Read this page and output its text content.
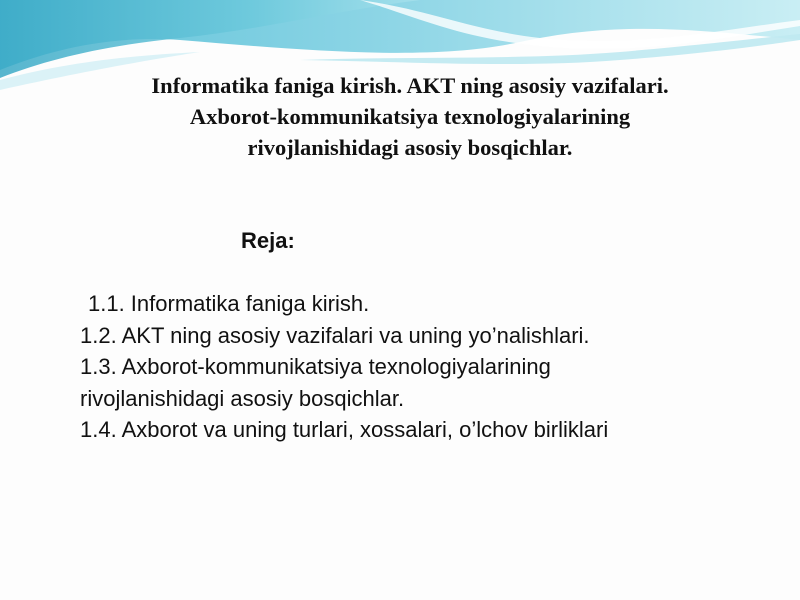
Informatika faniga kirish. AKT ning asosiy vazifalari.
Axborot-kommunikatsiya texnologiyalarining
rivojlanishidagi asosiy bosqichlar.
Reja:
1.1. Informatika faniga kirish.
1.2. AKT ning asosiy vazifalari va uning yo’nalishlari.
1.3. Axborot-kommunikatsiya texnologiyalarining
rivojlanishidagi asosiy bosqichlar.
1.4. Axborot va uning turlari, xossalari, o’lchov birliklari
